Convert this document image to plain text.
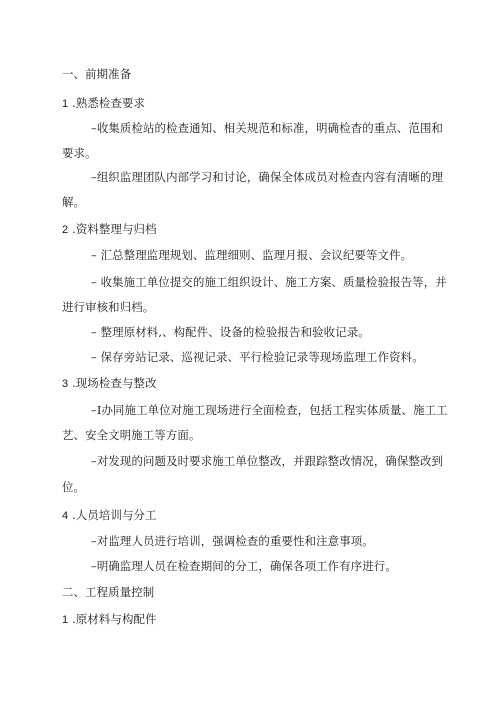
一、前期准备
1 .熟悉检查要求
–收集质检站的检查通知、相关规范和标准，明确检杳的重点、范围和
要求。
–组织监理团队内部学习和讨论，确保全体成员对检查内容有清晰的理
解。
2 .资料整理与归档
– 汇总整理监理规划、监理细则、监理月报、会议纪要等文件。
– 收集施工单位提交的施工组织设计、施工方案、质量检验报告等，并
进行审核和归档。
– 整理原材料,、构配件、设备的检验报告和验收记录。
– 保存旁站记录、巡视记录、平行检验记录等现场监理工作资料。
3 .现场检查与整改
–I办同施工单位对施工现场进行全面检查，包括工程实体质量、施工工
艺、安全文明施工等方面。
–对发现的问题及时要求施工单位整改，并跟踪整改情况，确保整改到
位。
4 .人员培训与分工
–对监理人员进行培训，强调检查的重要性和注意事项。
–明确监理人员在检查期间的分工，确保各项工作有序进行。
二、工程质量控制
1 .原材料与构配件
